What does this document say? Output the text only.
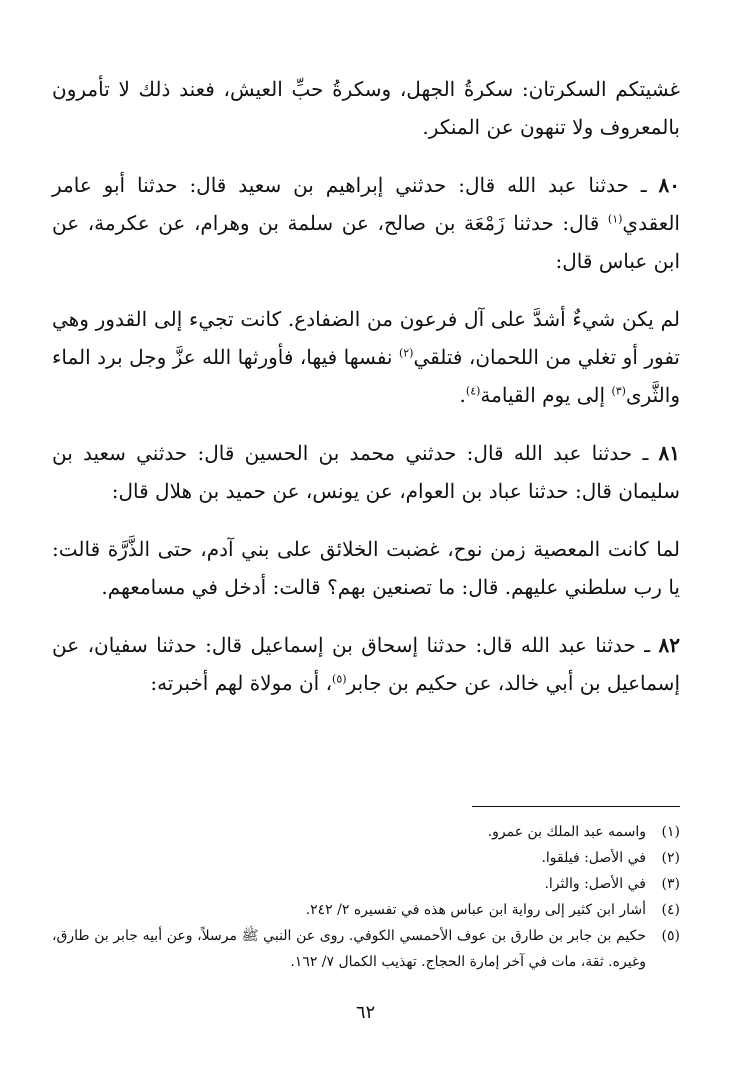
غشيتكم السكرتان: سكرةُ الجهل، وسكرةُ حبِّ العيش، فعند ذلك لا تأمرون بالمعروف ولا تنهون عن المنكر.

٨٠ ـ حدثنا عبد الله قال: حدثني إبراهيم بن سعيد قال: حدثنا أبو عامر العقدي$^{(١)}$ قال: حدثنا زَمْعَة بن صالح، عن سلمة بن وهرام، عن عكرمة، عن ابن عباس قال:

لم يكن شيءٌ أشدَّ على آل فرعون من الضفادع. كانت تجيء إلى القدور وهي تفور أو تغلي من اللحمان، فتلقي$^{(٢)}$ نفسها فيها، فأورثها الله عزَّ وجل برد الماء والثَّرى$^{(٣)}$ إلى يوم القيامة$^{(٤)}$.

٨١ ـ حدثنا عبد الله قال: حدثني محمد بن الحسين قال: حدثني سعيد بن سليمان قال: حدثنا عباد بن العوام، عن يونس، عن حميد بن هلال قال:

لما كانت المعصية زمن نوح، غضبت الخلائق على بني آدم، حتى الذَّرَّة قالت: يا رب سلطني عليهم. قال: ما تصنعين بهم؟ قالت: أدخل في مسامعهم.

٨٢ ـ حدثنا عبد الله قال: حدثنا إسحاق بن إسماعيل قال: حدثنا سفيان، عن إسماعيل بن أبي خالد، عن حكيم بن جابر$^{(٥)}$، أن مولاة لهم أخبرته:

(١)
واسمه عبد الملك بن عمرو.
(٢)
في الأصل: فيلقوا.
(٣)
في الأصل: والثرا.
(٤)
أشار ابن كثير إلى رواية ابن عباس هذه في تفسيره ٢/ ٢٤٢.
(٥)
حكيم بن جابر بن طارق بن عوف الأحمسي الكوفي. روى عن النبي ﷺ مرسلاً، وعن أبيه جابر بن طارق، وغيره. ثقة، مات في آخر إمارة الحجاج. تهذيب الكمال ٧/ ١٦٢.
٦٢
